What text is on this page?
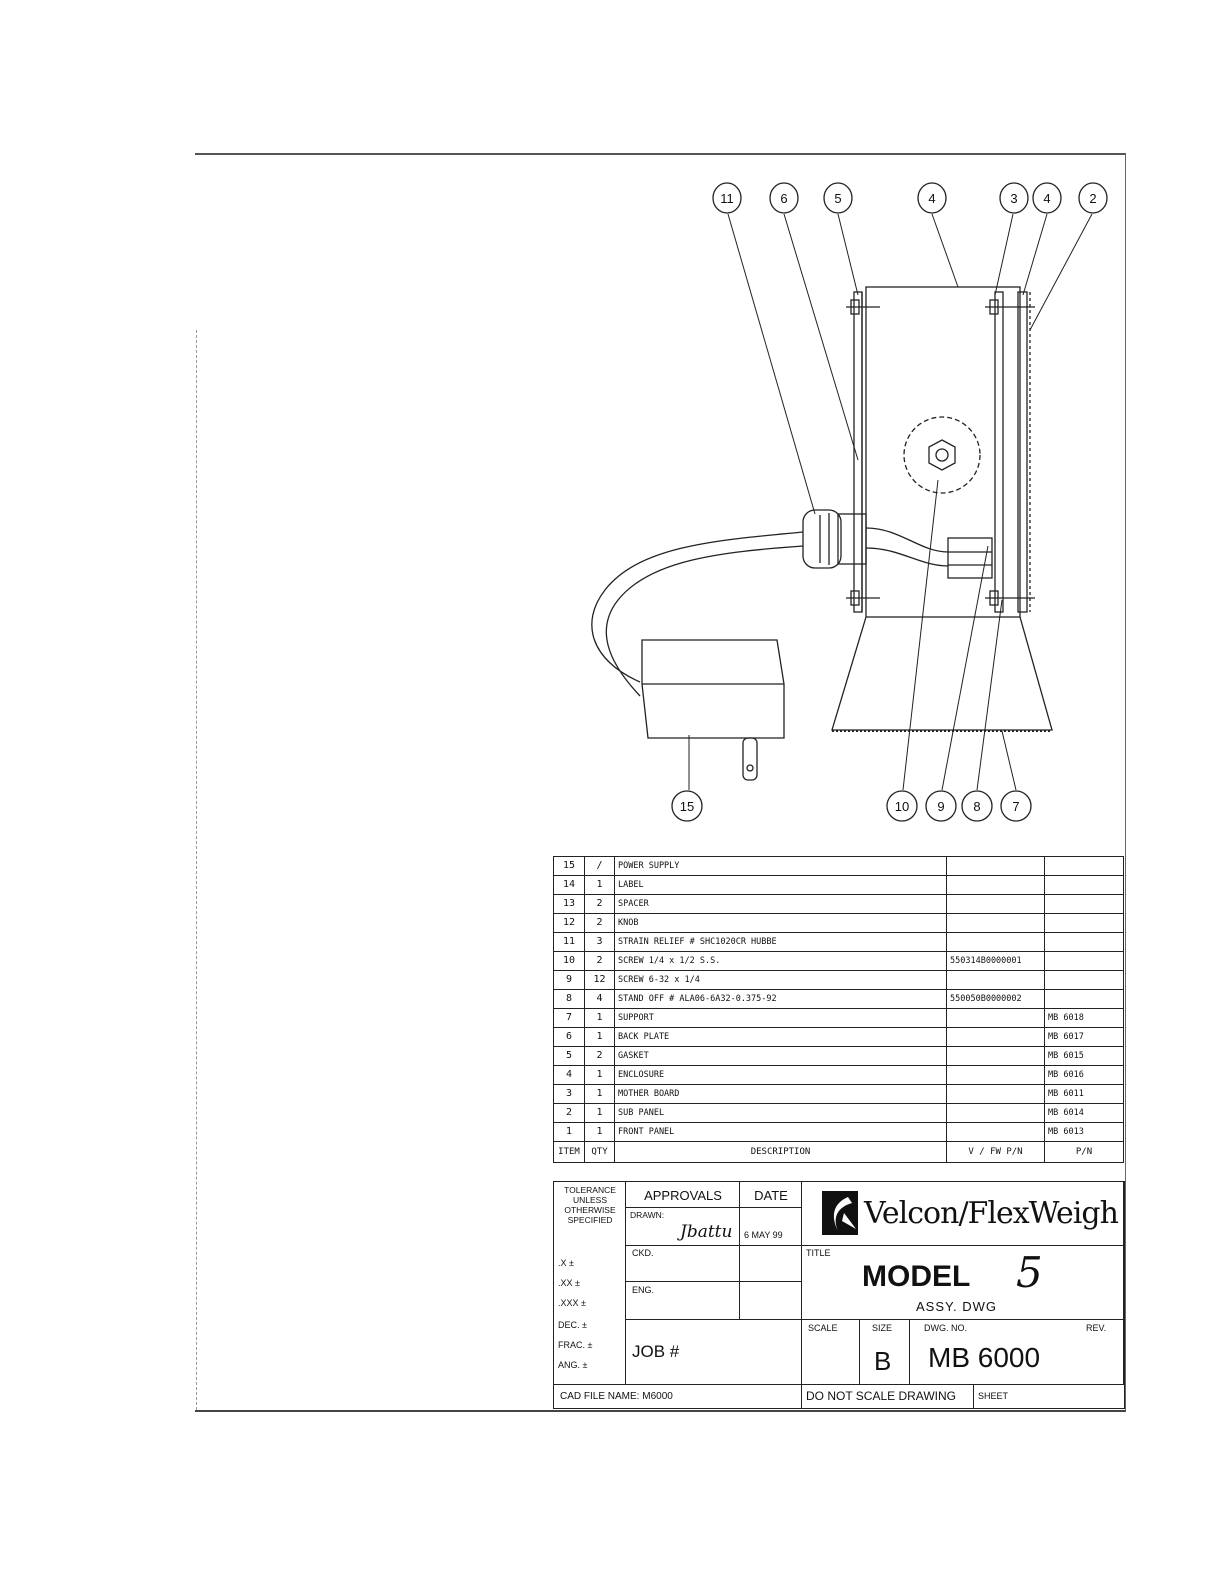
11	6	5	4	3 4	2
15	10 9 8 7
15	/	POWER SUPPLY		
14	1	LABEL		
13	2	SPACER		
12	2	KNOB		
11	3	STRAIN RELIEF # SHC1020CR HUBBE		
10	2	SCREW 1/4 x 1/2 S.S.	550314B0000001	
9	12	SCREW 6-32 x 1/4		
8	4	STAND OFF # ALA06-6A32-0.375-92	550050B0000002	
7	1	SUPPORT		MB 6018
6	1	BACK PLATE		MB 6017
5	2	GASKET		MB 6015
4	1	ENCLOSURE		MB 6016
3	1	MOTHER BOARD		MB 6011
2	1	SUB PANEL		MB 6014
1	1	FRONT PANEL		MB 6013
ITEM	QTY	DESCRIPTION	V / FW P/N	P/N
TOLERANCE UNLESS OTHERWISE SPECIFIED
.X ±
.XX ±
.XXX ±
DEC. ±
FRAC. ±
ANG. ±
APPROVALS	DATE
DRAWN:
Jbattu 6 MAY 99
CKD.
ENG.
JOB #
Velcon/FlexWeigh
TITLE
MODEL 5
ASSY. DWG
SCALE	SIZE
B
DWG. NO.	REV.
MB 6000
CAD FILE NAME: M6000	DO NOT SCALE DRAWING SHEET
